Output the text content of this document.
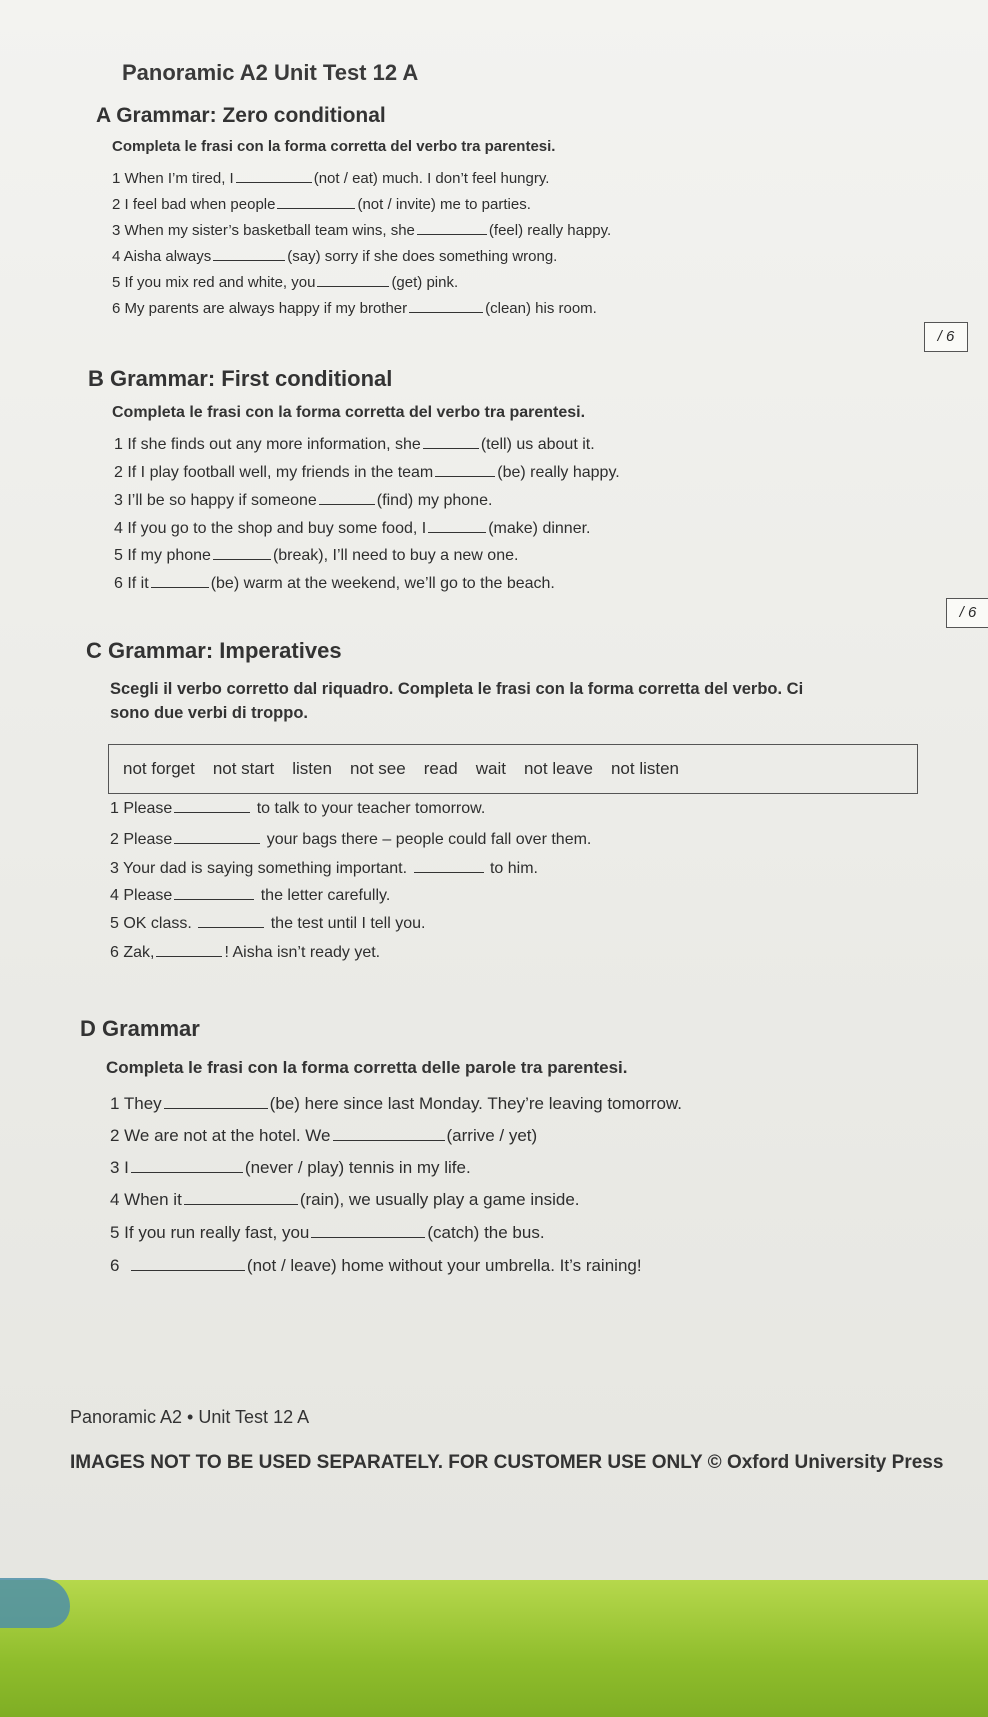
Panoramic A2 Unit Test 12 A
A Grammar: Zero conditional
Completa le frasi con la forma corretta del verbo tra parentesi.
1 When I’m tired, I	(not / eat) much. I don’t feel hungry.
2 I feel bad when people	(not / invite) me to parties.
3 When my sister’s basketball team wins, she	(feel) really happy.
4 Aisha always	(say) sorry if she does something wrong.
5 If you mix red and white, you	(get) pink.
6 My parents are always happy if my brother	(clean) his room.
/ 6
B Grammar: First conditional
Completa le frasi con la forma corretta del verbo tra parentesi.
1 If she finds out any more information, she	(tell) us about it.
2 If I play football well, my friends in the team	(be) really happy.
3 I’ll be so happy if someone	(find) my phone.
4 If you go to the shop and buy some food, I	(make) dinner.
5 If my phone	(break), I’ll need to buy a new one.
6 If it	(be) warm at the weekend, we’ll go to the beach.
/ 6
C Grammar: Imperatives
Scegli il verbo corretto dal riquadro. Completa le frasi con la forma corretta del verbo. Ci
sono due verbi di troppo.
not forget not start listen not see read wait not leave not listen
1 Please	to talk to your teacher tomorrow.
2 Please	your bags there – people could fall over them.
3 Your dad is saying something important.	to him.
4 Please	the letter carefully.
5 OK class.	the test until I tell you.
6 Zak,	! Aisha isn’t ready yet.
D Grammar
Completa le frasi con la forma corretta delle parole tra parentesi.
1 They	(be) here since last Monday. They’re leaving tomorrow.
2 We are not at the hotel. We	(arrive / yet)
3 I	(never / play) tennis in my life.
4 When it	(rain), we usually play a game inside.
5 If you run really fast, you	(catch) the bus.
6	(not / leave) home without your umbrella. It’s raining!
Panoramic A2 • Unit Test 12 A
IMAGES NOT TO BE USED SEPARATELY. FOR CUSTOMER USE ONLY © Oxford University Press
